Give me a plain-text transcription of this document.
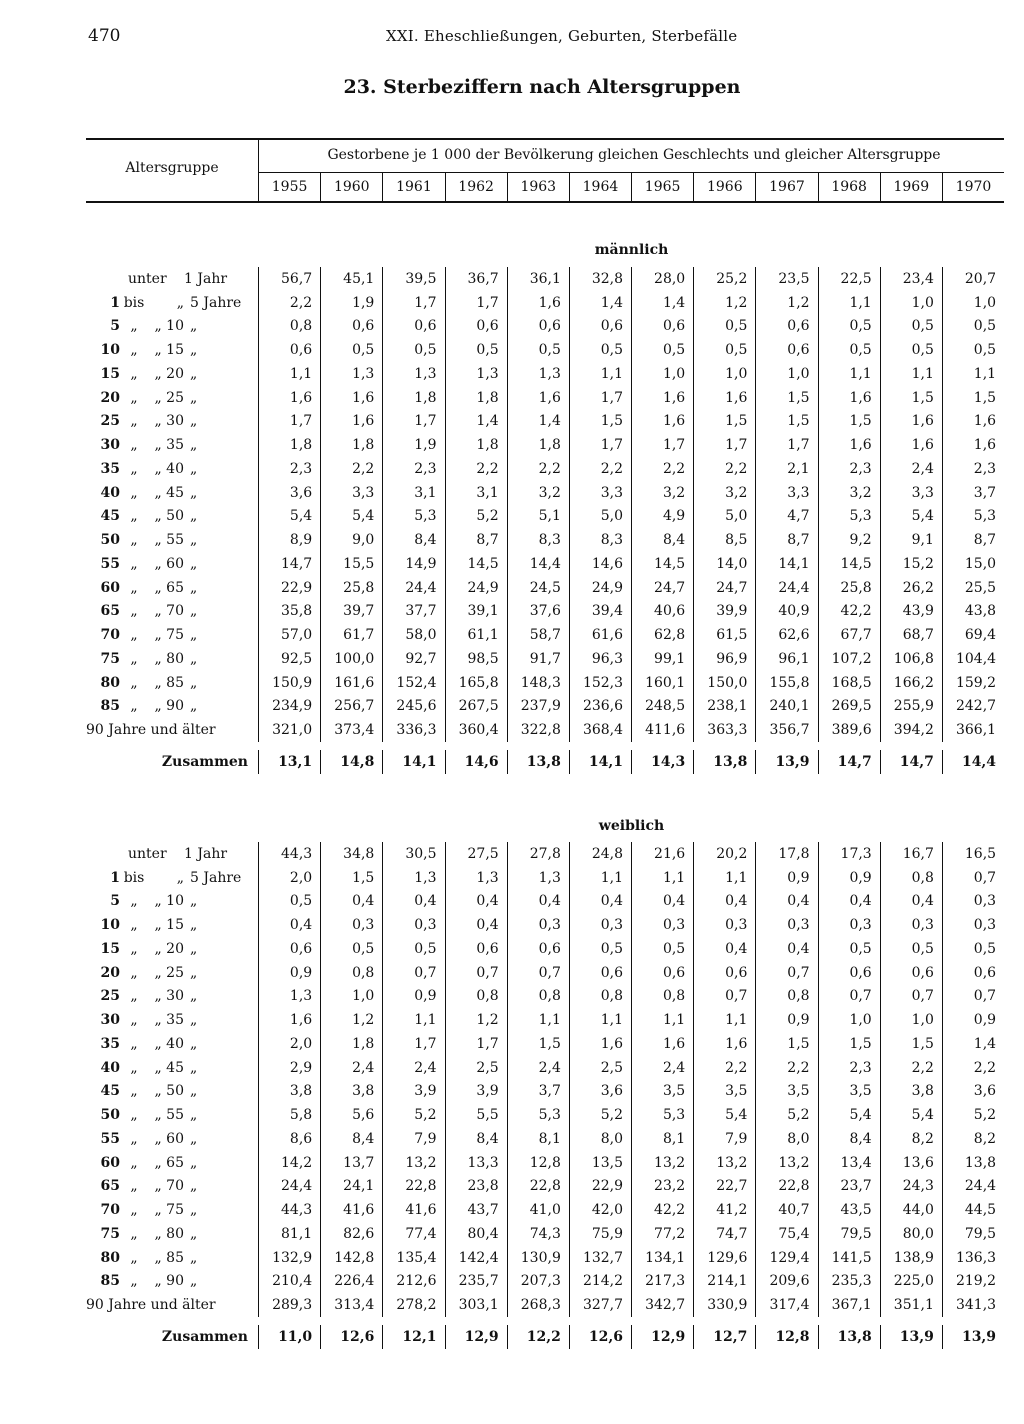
470	XXI. Eheschließungen, Geburten, Sterbefälle
23. Sterbeziffern nach Altersgruppen
Altersgruppe
Gestorbene je 1 000 der Bevölkerung gleichen Geschlechts und gleicher Altersgruppe
1955	1960	1961	1962	1963	1964	1965	1966	1967	1968	1969	1970
männlich
unter	1 Jahr	56,7	45,1	39,5	36,7	36,1	32,8	28,0	25,2	23,5	22,5	23,4	20,7
1 bis	„ 5 Jahre	2,2	1,9	1,7	1,7	1,6	1,4	1,4	1,2	1,2	1,1	1,0	1,0
5 „	„ 10 „	0,8	0,6	0,6	0,6	0,6	0,6	0,6	0,5	0,6	0,5	0,5	0,5
10 „	„ 15 „	0,6	0,5	0,5	0,5	0,5	0,5	0,5	0,5	0,6	0,5	0,5	0,5
15 „	„ 20 „	1,1	1,3	1,3	1,3	1,3	1,1	1,0	1,0	1,0	1,1	1,1	1,1
20 „	„ 25 „	1,6	1,6	1,8	1,8	1,6	1,7	1,6	1,6	1,5	1,6	1,5	1,5
25 „	„ 30 „	1,7	1,6	1,7	1,4	1,4	1,5	1,6	1,5	1,5	1,5	1,6	1,6
30 „	„ 35 „	1,8	1,8	1,9	1,8	1,8	1,7	1,7	1,7	1,7	1,6	1,6	1,6
35 „	„ 40 „	2,3	2,2	2,3	2,2	2,2	2,2	2,2	2,2	2,1	2,3	2,4	2,3
40 „	„ 45 „	3,6	3,3	3,1	3,1	3,2	3,3	3,2	3,2	3,3	3,2	3,3	3,7
45 „	„ 50 „	5,4	5,4	5,3	5,2	5,1	5,0	4,9	5,0	4,7	5,3	5,4	5,3
50 „	„ 55 „	8,9	9,0	8,4	8,7	8,3	8,3	8,4	8,5	8,7	9,2	9,1	8,7
55 „	„ 60 „	14,7	15,5	14,9	14,5	14,4	14,6	14,5	14,0	14,1	14,5	15,2	15,0
60 „	„ 65 „	22,9	25,8	24,4	24,9	24,5	24,9	24,7	24,7	24,4	25,8	26,2	25,5
65 „	„ 70 „	35,8	39,7	37,7	39,1	37,6	39,4	40,6	39,9	40,9	42,2	43,9	43,8
70 „	„ 75 „	57,0	61,7	58,0	61,1	58,7	61,6	62,8	61,5	62,6	67,7	68,7	69,4
75 „	„ 80 „	92,5	100,0	92,7	98,5	91,7	96,3	99,1	96,9	96,1	107,2	106,8	104,4
80 „	„ 85 „	150,9	161,6	152,4	165,8	148,3	152,3	160,1	150,0	155,8	168,5	166,2	159,2
85 „	„ 90 „	234,9	256,7	245,6	267,5	237,9	236,6	248,5	238,1	240,1	269,5	255,9	242,7
90 Jahre und älter	321,0	373,4	336,3	360,4	322,8	368,4	411,6	363,3	356,7	389,6	394,2	366,1
Zusammen	13,1	14,8	14,1	14,6	13,8	14,1	14,3	13,8	13,9	14,7	14,7	14,4
weiblich
unter	1 Jahr	44,3	34,8	30,5	27,5	27,8	24,8	21,6	20,2	17,8	17,3	16,7	16,5
1 bis	„ 5 Jahre	2,0	1,5	1,3	1,3	1,3	1,1	1,1	1,1	0,9	0,9	0,8	0,7
5 „	„ 10 „	0,5	0,4	0,4	0,4	0,4	0,4	0,4	0,4	0,4	0,4	0,4	0,3
10 „	„ 15 „	0,4	0,3	0,3	0,4	0,3	0,3	0,3	0,3	0,3	0,3	0,3	0,3
15 „	„ 20 „	0,6	0,5	0,5	0,6	0,6	0,5	0,5	0,4	0,4	0,5	0,5	0,5
20 „	„ 25 „	0,9	0,8	0,7	0,7	0,7	0,6	0,6	0,6	0,7	0,6	0,6	0,6
25 „	„ 30 „	1,3	1,0	0,9	0,8	0,8	0,8	0,8	0,7	0,8	0,7	0,7	0,7
30 „	„ 35 „	1,6	1,2	1,1	1,2	1,1	1,1	1,1	1,1	0,9	1,0	1,0	0,9
35 „	„ 40 „	2,0	1,8	1,7	1,7	1,5	1,6	1,6	1,6	1,5	1,5	1,5	1,4
40 „	„ 45 „	2,9	2,4	2,4	2,5	2,4	2,5	2,4	2,2	2,2	2,3	2,2	2,2
45 „	„ 50 „	3,8	3,8	3,9	3,9	3,7	3,6	3,5	3,5	3,5	3,5	3,8	3,6
50 „	„ 55 „	5,8	5,6	5,2	5,5	5,3	5,2	5,3	5,4	5,2	5,4	5,4	5,2
55 „	„ 60 „	8,6	8,4	7,9	8,4	8,1	8,0	8,1	7,9	8,0	8,4	8,2	8,2
60 „	„ 65 „	14,2	13,7	13,2	13,3	12,8	13,5	13,2	13,2	13,2	13,4	13,6	13,8
65 „	„ 70 „	24,4	24,1	22,8	23,8	22,8	22,9	23,2	22,7	22,8	23,7	24,3	24,4
70 „	„ 75 „	44,3	41,6	41,6	43,7	41,0	42,0	42,2	41,2	40,7	43,5	44,0	44,5
75 „	„ 80 „	81,1	82,6	77,4	80,4	74,3	75,9	77,2	74,7	75,4	79,5	80,0	79,5
80 „	„ 85 „	132,9	142,8	135,4	142,4	130,9	132,7	134,1	129,6	129,4	141,5	138,9	136,3
85 „	„ 90 „	210,4	226,4	212,6	235,7	207,3	214,2	217,3	214,1	209,6	235,3	225,0	219,2
90 Jahre und älter	289,3	313,4	278,2	303,1	268,3	327,7	342,7	330,9	317,4	367,1	351,1	341,3
Zusammen	11,0	12,6	12,1	12,9	12,2	12,6	12,9	12,7	12,8	13,8	13,9	13,9
